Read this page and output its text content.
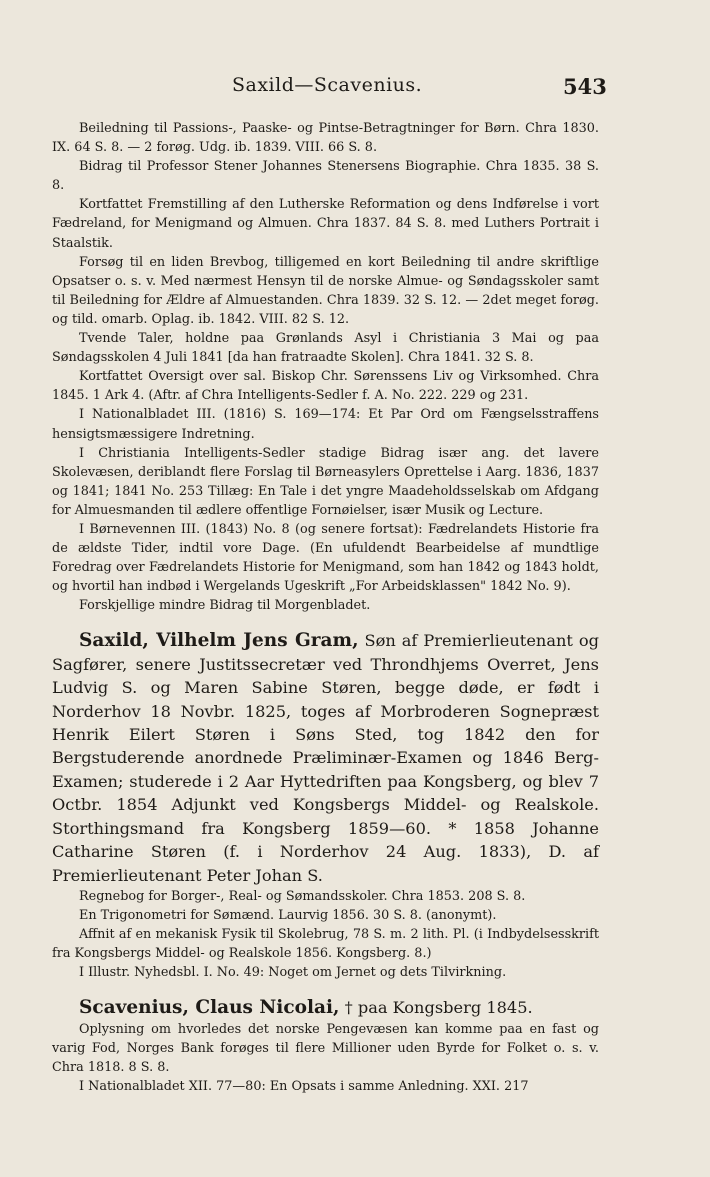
Saxild—Scavenius.	543

Beiledning til Passions-, Paaske- og Pintse-Betragtninger for Børn. Chra 1830. IX. 64 S. 8. — 2 forøg. Udg. ib. 1839. VIII. 66 S. 8.

Bidrag til Professor Stener Johannes Stenersens Biographie. Chra 1835. 38 S. 8.

Kortfattet Fremstilling af den Lutherske Reformation og dens Indførelse i vort Fædreland, for Menigmand og Almuen. Chra 1837. 84 S. 8. med Luthers Portrait i Staalstik.

Forsøg til en liden Brevbog, tilligemed en kort Beiledning til andre skriftlige Opsatser o. s. v. Med nærmest Hensyn til de norske Almue- og Søndagsskoler samt til Beiledning for Ældre af Almuestanden. Chra 1839. 32 S. 12. — 2det meget forøg. og tild. omarb. Oplag. ib. 1842. VIII. 82 S. 12.

Tvende Taler, holdne paa Grønlands Asyl i Christiania 3 Mai og paa Søndagsskolen 4 Juli 1841 [da han fratraadte Skolen]. Chra 1841. 32 S. 8.

Kortfattet Oversigt over sal. Biskop Chr. Sørenssens Liv og Virksomhed. Chra 1845. 1 Ark 4. (Aftr. af Chra Intelligents-Sedler f. A. No. 222. 229 og 231.

I Nationalbladet III. (1816) S. 169—174: Et Par Ord om Fængselsstraffens hensigtsmæssigere Indretning.

I Christiania Intelligents-Sedler stadige Bidrag især ang. det lavere Skolevæsen, deriblandt flere Forslag til Børneasylers Oprettelse i Aarg. 1836, 1837 og 1841; 1841 No. 253 Tillæg: En Tale i det yngre Maadeholdsselskab om Afdgang for Almuesmanden til ædlere offentlige Fornøielser, især Musik og Lecture.

I Børnevennen III. (1843) No. 8 (og senere fortsat): Fædrelandets Historie fra de ældste Tider, indtil vore Dage. (En ufuldendt Bearbeidelse af mundtlige Foredrag over Fædrelandets Historie for Menigmand, som han 1842 og 1843 holdt, og hvortil han indbød i Wergelands Ugeskrift „For Arbeidsklassen" 1842 No. 9).

Forskjellige mindre Bidrag til Morgenbladet.

Saxild, Vilhelm Jens Gram, Søn af Premierlieutenant og Sagfører, senere Justitssecretær ved Throndhjems Overret, Jens Ludvig S. og Maren Sabine Støren, begge døde, er født i Norderhov 18 Novbr. 1825, toges af Morbroderen Sognepræst Henrik Eilert Støren i Søns Sted, tog 1842 den for Bergstuderende anordnede Præliminær-Examen og 1846 Berg-Examen; studerede i 2 Aar Hyttedriften paa Kongsberg, og blev 7 Octbr. 1854 Adjunkt ved Kongsbergs Middel- og Realskole. Storthingsmand fra Kongsberg 1859—60. * 1858 Johanne Catharine Støren (f. i Norderhov 24 Aug. 1833), D. af Premierlieutenant Peter Johan S.

Regnebog for Borger-, Real- og Sømandsskoler. Chra 1853. 208 S. 8.

En Trigonometri for Sømænd. Laurvig 1856. 30 S. 8. (anonymt).

Affnit af en mekanisk Fysik til Skolebrug, 78 S. m. 2 lith. Pl. (i Indbydelsesskrift fra Kongsbergs Middel- og Realskole 1856. Kongsberg. 8.)

I Illustr. Nyhedsbl. I. No. 49: Noget om Jernet og dets Tilvirkning.

Scavenius, Claus Nicolai, † paa Kongsberg 1845.

Oplysning om hvorledes det norske Pengevæsen kan komme paa en fast og varig Fod, Norges Bank forøges til flere Millioner uden Byrde for Folket o. s. v. Chra 1818. 8 S. 8.

I Nationalbladet XII. 77—80: En Opsats i samme Anledning. XXI. 217
